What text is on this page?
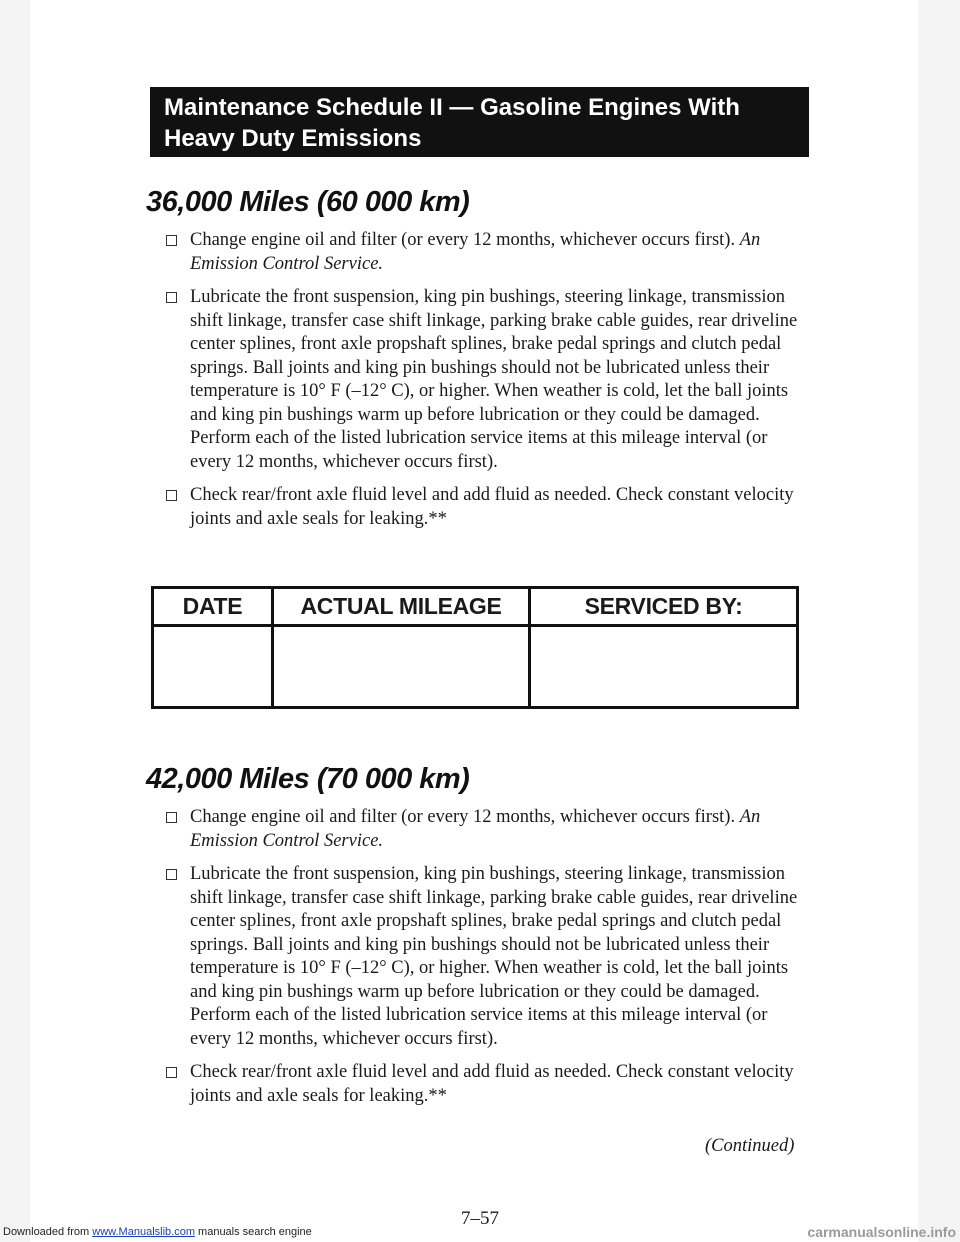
Maintenance Schedule II — Gasoline Engines With
Heavy Duty Emissions
36,000 Miles (60 000 km)
Change engine oil and filter (or every 12 months, whichever occurs first). An Emission Control Service.
Lubricate the front suspension, king pin bushings, steering linkage, transmission shift linkage, transfer case shift linkage, parking brake cable guides, rear driveline center splines, front axle propshaft splines, brake pedal springs and clutch pedal springs. Ball joints and king pin bushings should not be lubricated unless their temperature is 10° F (–12° C), or higher. When weather is cold, let the ball joints and king pin bushings warm up before lubrication or they could be damaged. Perform each of the listed lubrication service items at this mileage interval (or every 12 months, whichever occurs first).
Check rear/front axle fluid level and add fluid as needed. Check constant velocity joints and axle seals for leaking.**
DATE	ACTUAL MILEAGE	SERVICED BY:

42,000 Miles (70 000 km)
Change engine oil and filter (or every 12 months, whichever occurs first). An Emission Control Service.
Lubricate the front suspension, king pin bushings, steering linkage, transmission shift linkage, transfer case shift linkage, parking brake cable guides, rear driveline center splines, front axle propshaft splines, brake pedal springs and clutch pedal springs. Ball joints and king pin bushings should not be lubricated unless their temperature is 10° F (–12° C), or higher. When weather is cold, let the ball joints and king pin bushings warm up before lubrication or they could be damaged. Perform each of the listed lubrication service items at this mileage interval (or every 12 months, whichever occurs first).
Check rear/front axle fluid level and add fluid as needed. Check constant velocity joints and axle seals for leaking.**
(Continued)
7–57
Downloaded from www.Manualslib.com manuals search engine	carmanualsonline.info
